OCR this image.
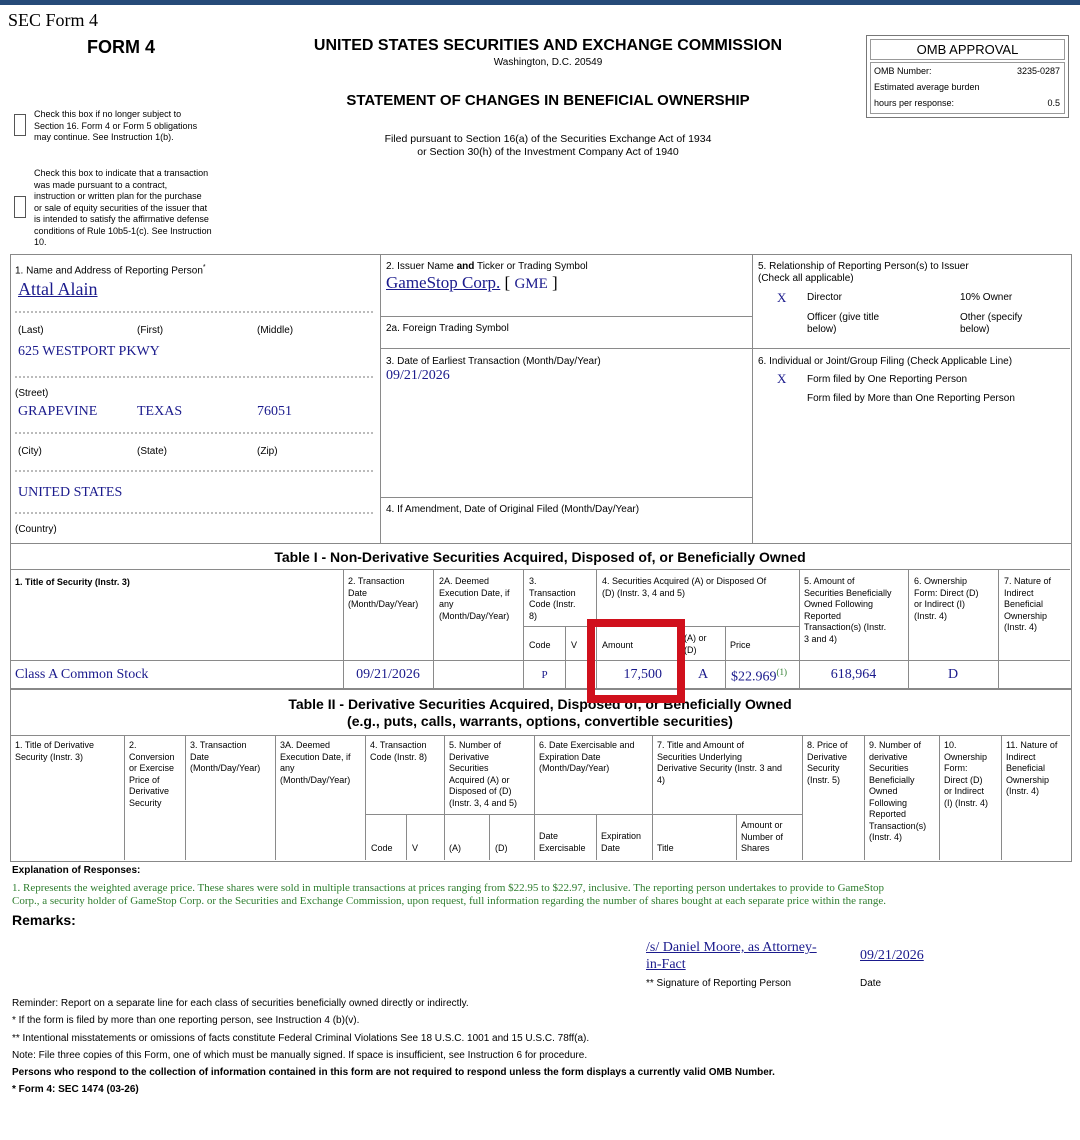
SEC Form 4
FORM 4	UNITED STATES SECURITIES AND EXCHANGE COMMISSION
Washington, D.C. 20549
STATEMENT OF CHANGES IN BENEFICIAL OWNERSHIP
Filed pursuant to Section 16(a) of the Securities Exchange Act of 1934
or Section 30(h) of the Investment Company Act of 1940
Check this box if no longer subject to
Section 16. Form 4 or Form 5 obligations
may continue. See Instruction 1(b).
Check this box to indicate that a transaction
was made pursuant to a contract,
instruction or written plan for the purchase
or sale of equity securities of the issuer that
is intended to satisfy the affirmative defense
conditions of Rule 10b5-1(c). See Instruction
10.
OMB APPROVAL
OMB Number:	3235-0287
Estimated average burden
hours per response:	0.5
1. Name and Address of Reporting Person*
Attal Alain
(Last)	(First)	(Middle)
625 WESTPORT PKWY
(Street)
GRAPEVINE	TEXAS	76051
(City)	(State)	(Zip)
UNITED STATES
(Country)
2. Issuer Name and Ticker or Trading Symbol
GameStop Corp. [ GME ]
2a. Foreign Trading Symbol
3. Date of Earliest Transaction (Month/Day/Year)
09/21/2026
4. If Amendment, Date of Original Filed (Month/Day/Year)
5. Relationship of Reporting Person(s) to Issuer
(Check all applicable)
X Director	10% Owner
Officer (give title
below)
Other (specify
below)
6. Individual or Joint/Group Filing (Check Applicable Line)
X Form filed by One Reporting Person
Form filed by More than One Reporting Person
Table I - Non-Derivative Securities Acquired, Disposed of, or Beneficially Owned
1. Title of Security (Instr. 3)	2. Transaction
Date
(Month/Day/Year)
2A. Deemed
Execution Date, if
any
(Month/Day/Year)
3.
Transaction
Code (Instr.
8)
4. Securities Acquired (A) or Disposed Of
(D) (Instr. 3, 4 and 5)
5. Amount of
Securities Beneficially
Owned Following
Reported
Transaction(s) (Instr.
3 and 4)
6. Ownership
Form: Direct (D)
or Indirect (I)
(Instr. 4)
7. Nature of
Indirect
Beneficial
Ownership
(Instr. 4)
Code V	Amount
(A) or
(D)	Price
Class A Common Stock	09/21/2026	P	17,500	A	$22.969$^{(1)}$	618,964	D
Table II - Derivative Securities Acquired, Disposed of, or Beneficially Owned
(e.g., puts, calls, warrants, options, convertible securities)
1. Title of Derivative
Security (Instr. 3)
2.
Conversion
or Exercise
Price of
Derivative
Security
3. Transaction
Date
(Month/Day/Year)
3A. Deemed
Execution Date, if
any
(Month/Day/Year)
4. Transaction
Code (Instr. 8)
5. Number of
Derivative
Securities
Acquired (A) or
Disposed of (D)
(Instr. 3, 4 and 5)
6. Date Exercisable and
Expiration Date
(Month/Day/Year)
7. Title and Amount of
Securities Underlying
Derivative Security (Instr. 3 and
4)
8. Price of
Derivative
Security
(Instr. 5)
9. Number of
derivative
Securities
Beneficially
Owned
Following
Reported
Transaction(s)
(Instr. 4)
10.
Ownership
Form:
Direct (D)
or Indirect
(I) (Instr. 4)
11. Nature of
Indirect
Beneficial
Ownership
(Instr. 4)
Code V	(A)	(D)
Date
Exercisable
Expiration
Date	Title
Amount or
Number of
Shares
Explanation of Responses:
1. Represents the weighted average price. These shares were sold in multiple transactions at prices ranging from $22.95 to $22.97, inclusive. The reporting person undertakes to provide to GameStop
Corp., a security holder of GameStop Corp. or the Securities and Exchange Commission, upon request, full information regarding the number of shares bought at each separate price within the range.
Remarks:
/s/ Daniel Moore, as Attorney-
in-Fact
09/21/2026
** Signature of Reporting Person	Date
Reminder: Report on a separate line for each class of securities beneficially owned directly or indirectly.
* If the form is filed by more than one reporting person, see Instruction 4 (b)(v).
** Intentional misstatements or omissions of facts constitute Federal Criminal Violations See 18 U.S.C. 1001 and 15 U.S.C. 78ff(a).
Note: File three copies of this Form, one of which must be manually signed. If space is insufficient, see Instruction 6 for procedure.
Persons who respond to the collection of information contained in this form are not required to respond unless the form displays a currently valid OMB Number.
* Form 4: SEC 1474 (03-26)
